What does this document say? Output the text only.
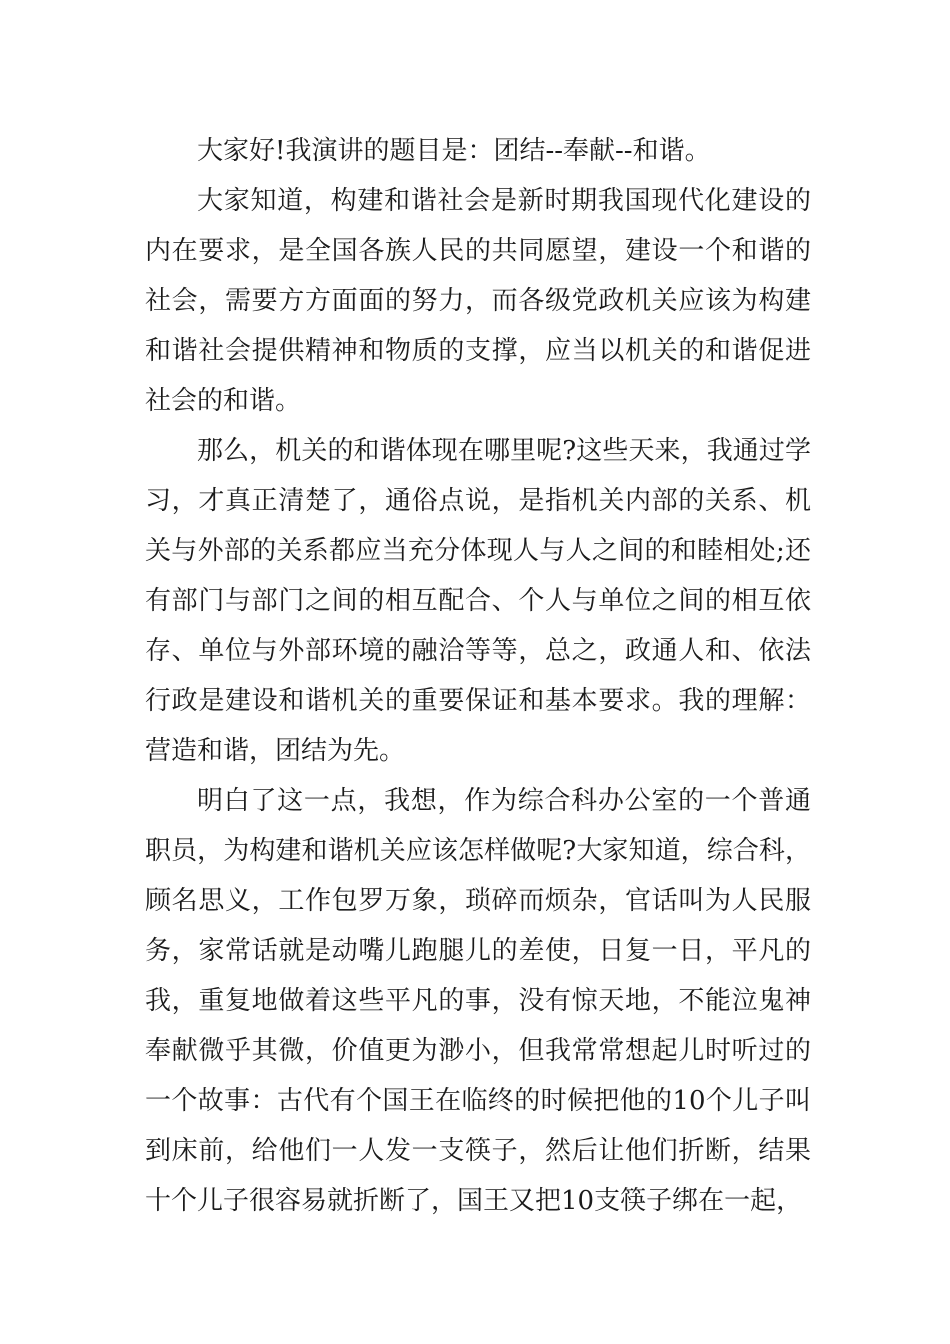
大家好!我演讲的题目是：团结--奉献--和谐。

大家知道，构建和谐社会是新时期我国现代化建设的内在要求，是全国各族人民的共同愿望，建设一个和谐的社会，需要方方面面的努力，而各级党政机关应该为构建和谐社会提供精神和物质的支撑，应当以机关的和谐促进社会的和谐。

那么，机关的和谐体现在哪里呢?这些天来，我通过学习，才真正清楚了，通俗点说，是指机关内部的关系、机关与外部的关系都应当充分体现人与人之间的和睦相处;还有部门与部门之间的相互配合、个人与单位之间的相互依存、单位与外部环境的融洽等等，总之，政通人和、依法行政是建设和谐机关的重要保证和基本要求。我的理解：营造和谐，团结为先。

明白了这一点，我想，作为综合科办公室的一个普通职员，为构建和谐机关应该怎样做呢?大家知道，综合科，顾名思义，工作包罗万象，琐碎而烦杂，官话叫为人民服务，家常话就是动嘴儿跑腿儿的差使，日复一日，平凡的我，重复地做着这些平凡的事，没有惊天地，不能泣鬼神奉献微乎其微，价值更为渺小，但我常常想起儿时听过的一个故事：古代有个国王在临终的时候把他的10个儿子叫到床前，给他们一人发一支筷子，然后让他们折断，结果十个儿子很容易就折断了，国王又把10支筷子绑在一起，
